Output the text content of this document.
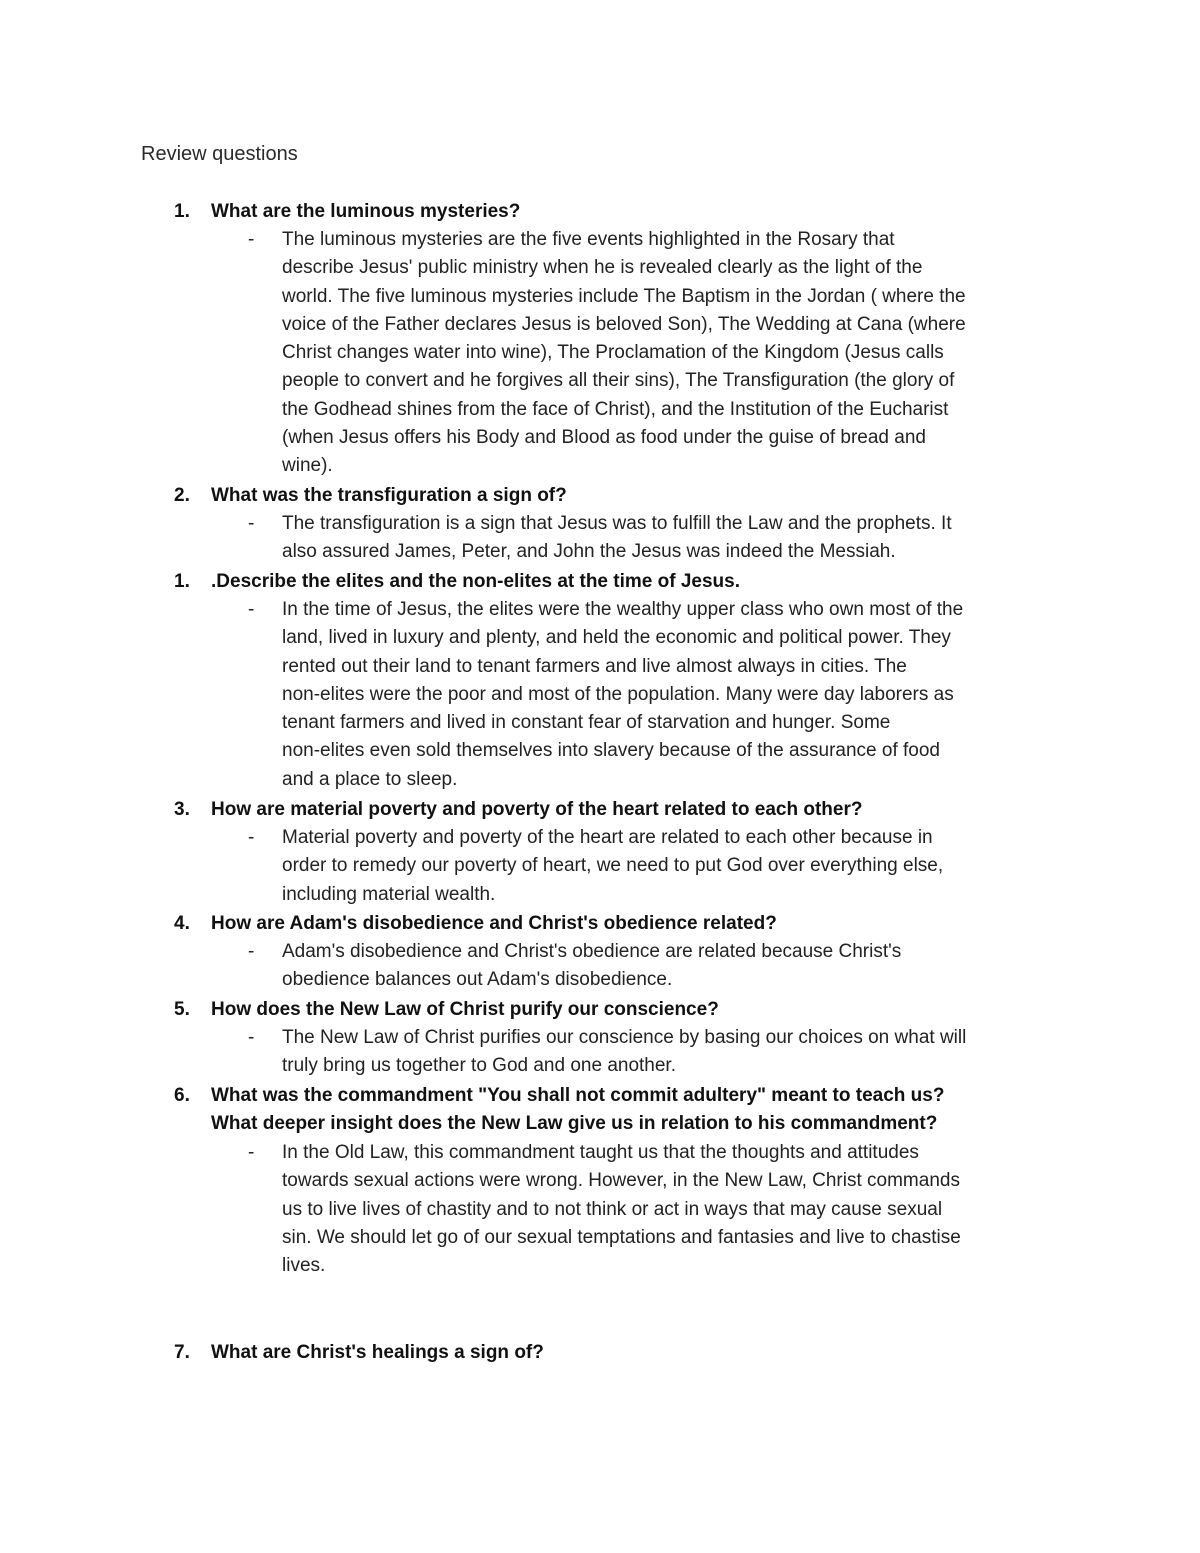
Review questions
1. What are the luminous mysteries?
- The luminous mysteries are the five events highlighted in the Rosary that
describe Jesus' public ministry when he is revealed clearly as the light of the
world. The five luminous mysteries include The Baptism in the Jordan ( where the
voice of the Father declares Jesus is beloved Son), The Wedding at Cana (where
Christ changes water into wine), The Proclamation of the Kingdom (Jesus calls
people to convert and he forgives all their sins), The Transfiguration (the glory of
the Godhead shines from the face of Christ), and the Institution of the Eucharist
(when Jesus offers his Body and Blood as food under the guise of bread and
wine).
2. What was the transfiguration a sign of?
- The transfiguration is a sign that Jesus was to fulfill the Law and the prophets. It
also assured James, Peter, and John the Jesus was indeed the Messiah.
1. .Describe the elites and the non-elites at the time of Jesus.
- In the time of Jesus, the elites were the wealthy upper class who own most of the
land, lived in luxury and plenty, and held the economic and political power. They
rented out their land to tenant farmers and live almost always in cities. The
non-elites were the poor and most of the population. Many were day laborers as
tenant farmers and lived in constant fear of starvation and hunger. Some
non-elites even sold themselves into slavery because of the assurance of food
and a place to sleep.
3. How are material poverty and poverty of the heart related to each other?
- Material poverty and poverty of the heart are related to each other because in
order to remedy our poverty of heart, we need to put God over everything else,
including material wealth.
4. How are Adam's disobedience and Christ's obedience related?
- Adam's disobedience and Christ's obedience are related because Christ's
obedience balances out Adam's disobedience.
5. How does the New Law of Christ purify our conscience?
- The New Law of Christ purifies our conscience by basing our choices on what will
truly bring us together to God and one another.
6. What was the commandment "You shall not commit adultery" meant to teach us?
What deeper insight does the New Law give us in relation to his commandment?
- In the Old Law, this commandment taught us that the thoughts and attitudes
towards sexual actions were wrong. However, in the New Law, Christ commands
us to live lives of chastity and to not think or act in ways that may cause sexual
sin. We should let go of our sexual temptations and fantasies and live to chastise
lives.
7. What are Christ's healings a sign of?
